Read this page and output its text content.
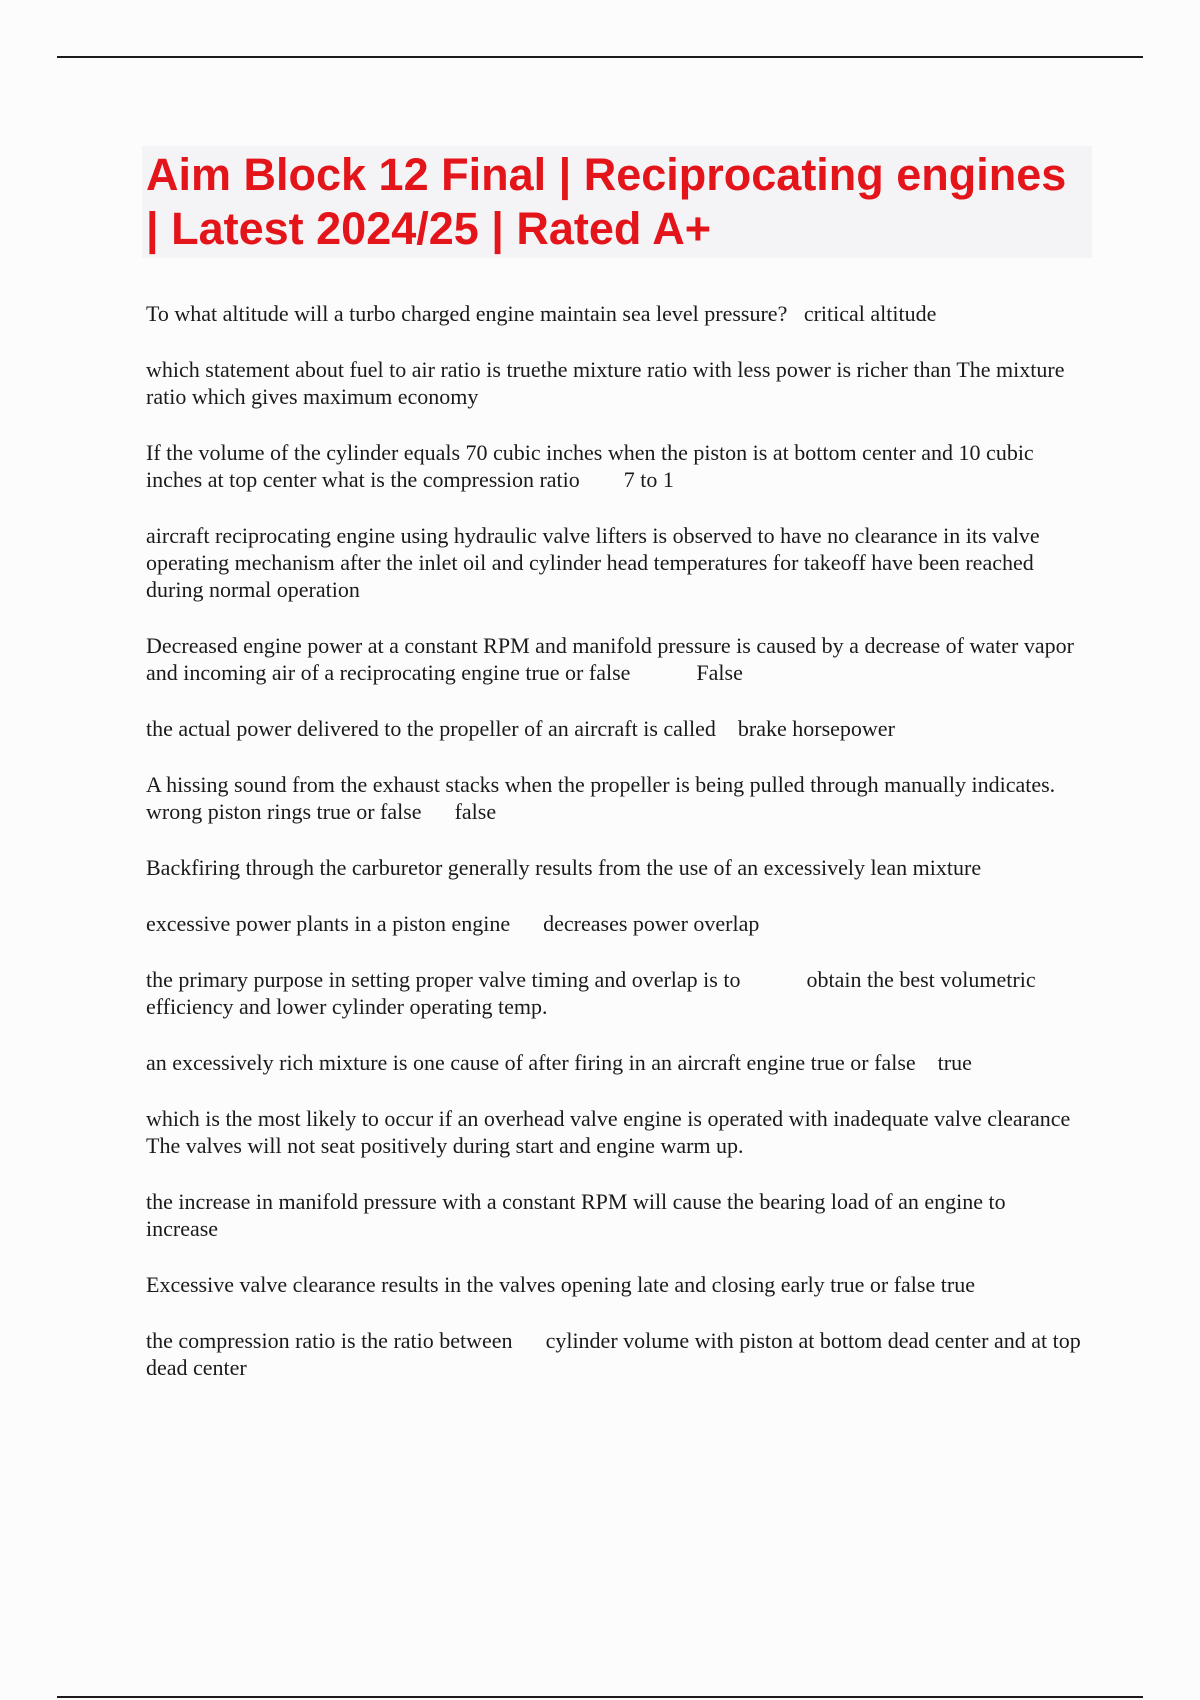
Aim Block 12 Final | Reciprocating engines | Latest 2024/25 | Rated A+
To what altitude will a turbo charged engine maintain sea level pressure? critical altitude
which statement about fuel to air ratio is truethe mixture ratio with less power is richer than The mixture ratio which gives maximum economy
If the volume of the cylinder equals 70 cubic inches when the piston is at bottom center and 10 cubic inches at top center what is the compression ratio 7 to 1
aircraft reciprocating engine using hydraulic valve lifters is observed to have no clearance in its valve operating mechanism after the inlet oil and cylinder head temperatures for takeoff have been reached   during normal operation
Decreased engine power at a constant RPM and manifold pressure is caused by a decrease of water vapor and incoming air of a reciprocating engine true or false	False
the actual power delivered to the propeller of an aircraft is called brake horsepower
A hissing sound from the exhaust stacks when the propeller is being pulled through manually indicates. wrong piston rings true or false false
Backfiring through the carburetor generally results from the use of an excessively lean mixture
excessive power plants in a piston engine decreases power overlap
the primary purpose in setting proper valve timing and overlap is to	obtain the best volumetric efficiency and lower cylinder operating temp.
an excessively rich mixture is one cause of after firing in an aircraft engine true or false true
which is the most likely to occur if an overhead valve engine is operated with inadequate valve clearance         The valves will not seat positively during start and engine warm up.
the increase in manifold pressure with a constant RPM will cause the bearing load of an engine to         increase
Excessive valve clearance results in the valves opening late and closing early true or false true
the compression ratio is the ratio between cylinder volume with piston at bottom dead center and at top dead center
